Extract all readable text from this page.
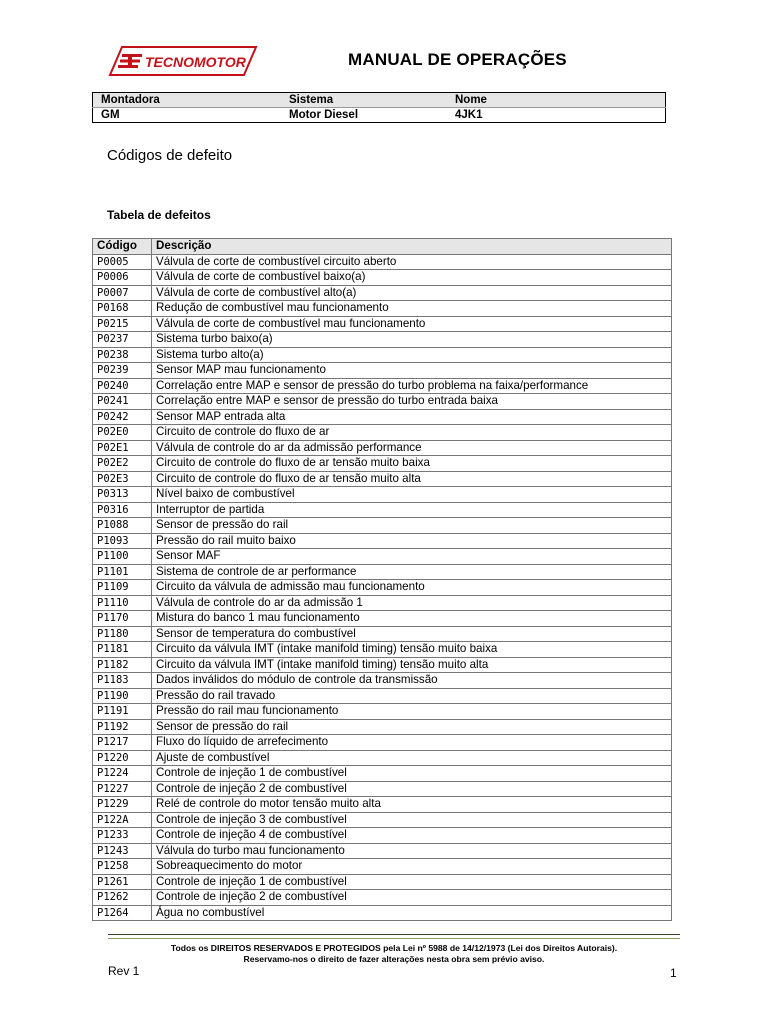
TECNOMOTOR	MANUAL DE OPERAÇÕES
Montadora	Sistema	Nome
GM	Motor Diesel	4JK1
Códigos de defeito
Tabela de defeitos
Código	Descrição
P0005	Válvula de corte de combustível circuito aberto
P0006	Válvula de corte de combustível baixo(a)
P0007	Válvula de corte de combustível alto(a)
P0168	Redução de combustível mau funcionamento
P0215	Válvula de corte de combustível mau funcionamento
P0237	Sistema turbo baixo(a)
P0238	Sistema turbo alto(a)
P0239	Sensor MAP mau funcionamento
P0240	Correlação entre MAP e sensor de pressão do turbo problema na faixa/performance
P0241	Correlação entre MAP e sensor de pressão do turbo entrada baixa
P0242	Sensor MAP entrada alta
P02E0	Circuito de controle do fluxo de ar
P02E1	Válvula de controle do ar da admissão performance
P02E2	Circuito de controle do fluxo de ar tensão muito baixa
P02E3	Circuito de controle do fluxo de ar tensão muito alta
P0313	Nível baixo de combustível
P0316	Interruptor de partida
P1088	Sensor de pressão do rail
P1093	Pressão do rail muito baixo
P1100	Sensor MAF
P1101	Sistema de controle de ar performance
P1109	Circuito da válvula de admissão mau funcionamento
P1110	Válvula de controle do ar da admissão 1
P1170	Mistura do banco 1 mau funcionamento
P1180	Sensor de temperatura do combustível
P1181	Circuito da válvula IMT (intake manifold timing) tensão muito baixa
P1182	Circuito da válvula IMT (intake manifold timing) tensão muito alta
P1183	Dados inválidos do módulo de controle da transmissão
P1190	Pressão do rail travado
P1191	Pressão do rail mau funcionamento
P1192	Sensor de pressão do rail
P1217	Fluxo do líquido de arrefecimento
P1220	Ajuste de combustível
P1224	Controle de injeção 1 de combustível
P1227	Controle de injeção 2 de combustível
P1229	Relé de controle do motor tensão muito alta
P122A	Controle de injeção 3 de combustível
P1233	Controle de injeção 4 de combustível
P1243	Válvula do turbo mau funcionamento
P1258	Sobreaquecimento do motor
P1261	Controle de injeção 1 de combustível
P1262	Controle de injeção 2 de combustível
P1264	Água no combustível
Todos os DIREITOS RESERVADOS E PROTEGIDOS pela Lei nº 5988 de 14/12/1973 (Lei dos Direitos Autorais).
Reservamo-nos o direito de fazer alterações nesta obra sem prévio aviso.
Rev 1	1
